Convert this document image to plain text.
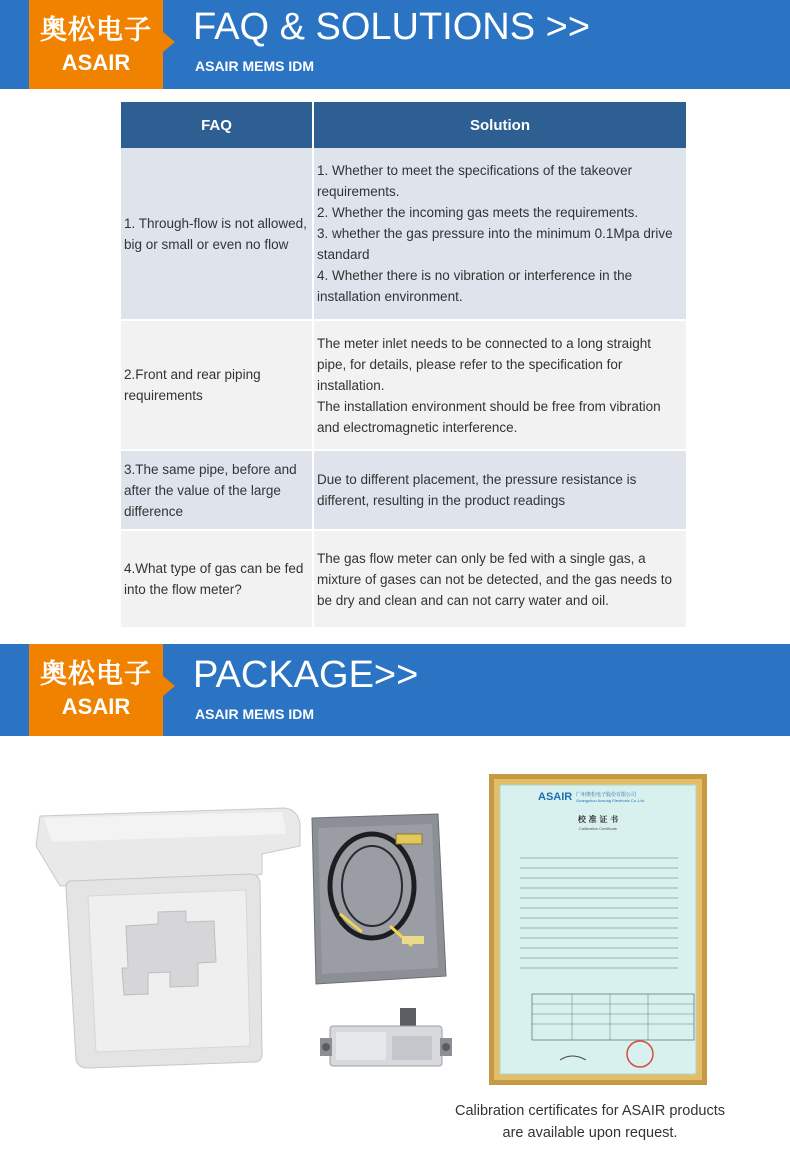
奥松电子
ASAIR
FAQ & SOLUTIONS >>
ASAIR MEMS IDM
FAQ	Solution
1. Through-flow is not allowed, big or small or even no flow	1. Whether to meet the specifications of the takeover requirements.
2. Whether the incoming gas meets the requirements.
3. whether the gas pressure into the minimum 0.1Mpa drive standard
4. Whether there is no vibration or interference in the installation environment.

2.Front and rear piping requirements	The meter inlet needs to be connected to a long straight pipe, for details, please refer to the specification for installation.
The installation environment should be free from vibration and electromagnetic interference.

3.The same pipe, before and after the value of the large difference	Due to different placement, the pressure resistance is different, resulting in the product readings

4.What type of gas can be fed into the flow meter?	The gas flow meter can only be fed with a single gas, a mixture of gases can not be detected, and the gas needs to be dry and clean and can not carry water and oil.
奥松电子
ASAIR
PACKAGE>>
ASAIR MEMS IDM
ASAIR 广州奥松电子股份有限公司
Guangzhou Aosong Electronic Co.,Ltd.
校 准 证 书
Calibration Certificate
Calibration certificates for ASAIR products
are available upon request.
